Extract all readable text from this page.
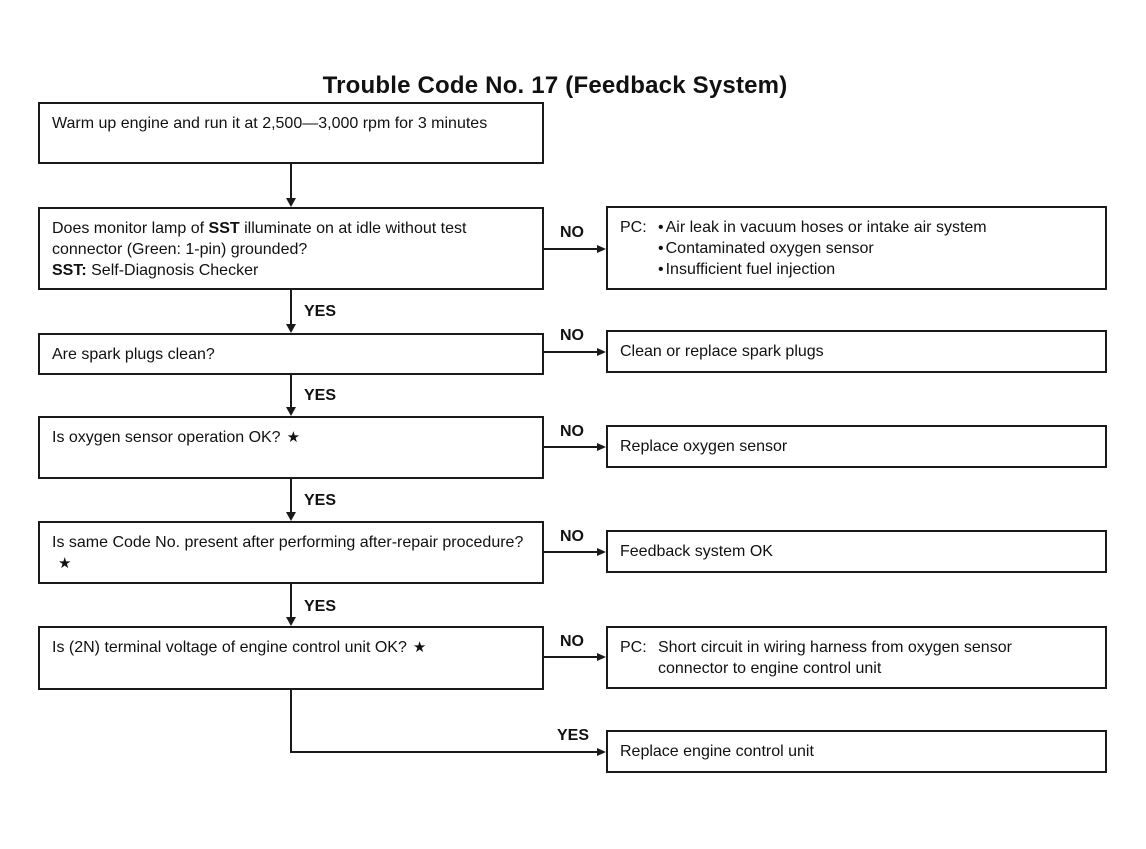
Trouble Code No. 17 (Feedback System)
Warm up engine and run it at 2,500—3,000 rpm for 3 minutes
Does monitor lamp of SST illuminate on at idle without test connector (Green: 1-pin) grounded?
SST: Self-Diagnosis Checker
Are spark plugs clean?
Is oxygen sensor operation OK? ★
Is same Code No. present after performing after-repair procedure?★
Is (2N) terminal voltage of engine control unit OK? ★
PC:
•	Air leak in vacuum hoses or intake air system
• Contaminated oxygen sensor
• Insufficient fuel injection
Clean or replace spark plugs
Replace oxygen sensor
Feedback system OK
PC: Short circuit in wiring harness from oxygen sensor
connector to engine control unit
Replace engine control unit
YES
YES
YES
YES
YES
NO
NO
NO
NO
NO
